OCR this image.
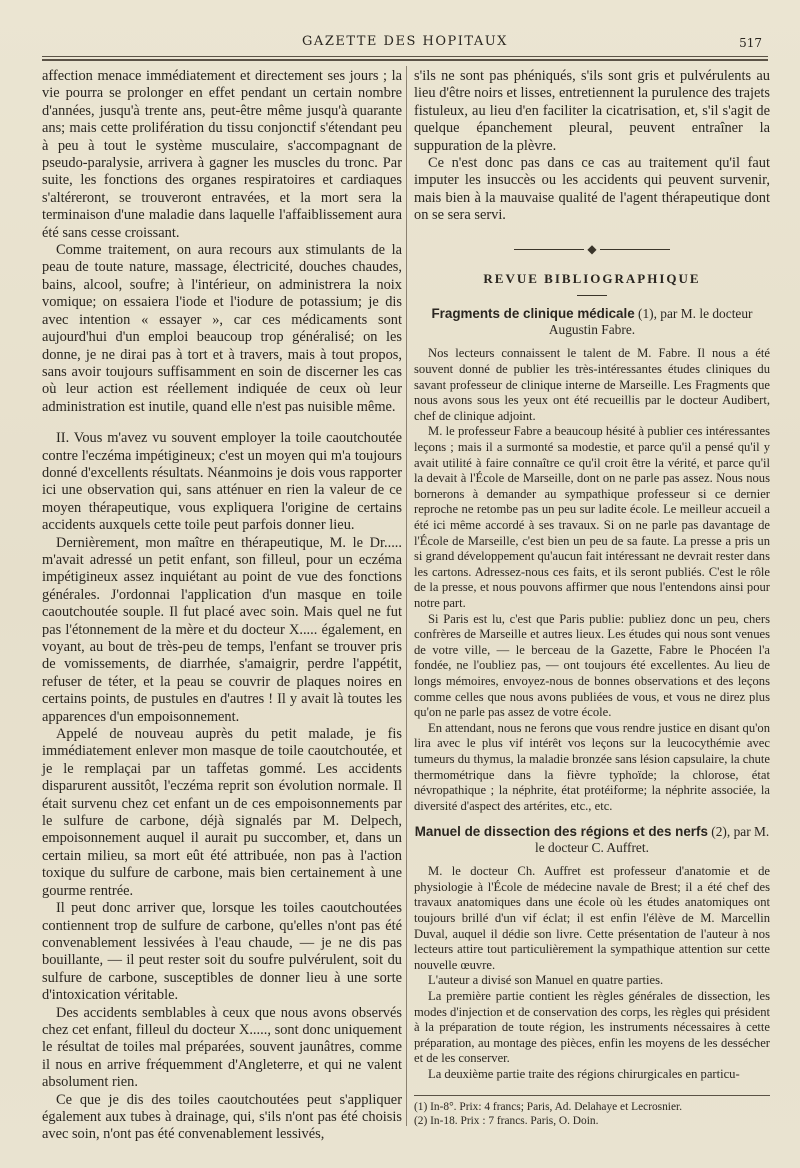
GAZETTE DES HOPITAUX	517

affection menace immédiatement et directement ses jours ; la vie pourra se prolonger en effet pendant un certain nombre d'années, jusqu'à trente ans, peut-être même jusqu'à quarante ans; mais cette prolifération du tissu conjonctif s'étendant peu à peu à tout le système musculaire, s'accompagnant de pseudo-paralysie, arrivera à gagner les muscles du tronc. Par suite, les fonctions des organes respiratoires et cardiaques s'altéreront, se trouveront entravées, et la mort sera la terminaison d'une maladie dans laquelle l'affaiblissement aura été sans cesse croissant.

Comme traitement, on aura recours aux stimulants de la peau de toute nature, massage, électricité, douches chaudes, bains, alcool, soufre; à l'intérieur, on administrera la noix vomique; on essaiera l'iode et l'iodure de potassium; je dis avec intention « essayer », car ces médicaments sont aujourd'hui d'un emploi beaucoup trop généralisé; on les donne, je ne dirai pas à tort et à travers, mais à tout propos, sans avoir toujours suffisamment en soin de discerner les cas où leur action est réellement indiquée de ceux où leur administration est inutile, quand elle n'est pas nuisible même.

II. Vous m'avez vu souvent employer la toile caoutchoutée contre l'eczéma impétigineux; c'est un moyen qui m'a toujours donné d'excellents résultats. Néanmoins je dois vous rapporter ici une observation qui, sans atténuer en rien la valeur de ce moyen thérapeutique, vous expliquera l'origine de certains accidents auxquels cette toile peut parfois donner lieu.

Dernièrement, mon maître en thérapeutique, M. le Dr..... m'avait adressé un petit enfant, son filleul, pour un eczéma impétigineux assez inquiétant au point de vue des fonctions générales. J'ordonnai l'application d'un masque en toile caoutchoutée souple. Il fut placé avec soin. Mais quel ne fut pas l'étonnement de la mère et du docteur X..... également, en voyant, au bout de très-peu de temps, l'enfant se trouver pris de vomissements, de diarrhée, s'amaigrir, perdre l'appétit, refuser de téter, et la peau se couvrir de plaques noires en certains points, de pustules en d'autres ! Il y avait là toutes les apparences d'un empoisonnement.

Appelé de nouveau auprès du petit malade, je fis immédiatement enlever mon masque de toile caoutchoutée, et je le remplaçai par un taffetas gommé. Les accidents disparurent aussitôt, l'eczéma reprit son évolution normale. Il était survenu chez cet enfant un de ces empoisonnements par le sulfure de carbone, déjà signalés par M. Delpech, empoisonnement auquel il aurait pu succomber, et, dans un certain milieu, sa mort eût été attribuée, non pas à l'action toxique du sulfure de carbone, mais bien certainement à une gourme rentrée.

Il peut donc arriver que, lorsque les toiles caoutchoutées contiennent trop de sulfure de carbone, qu'elles n'ont pas été convenablement lessivées à l'eau chaude, — je ne dis pas bouillante, — il peut rester soit du soufre pulvérulent, soit du sulfure de carbone, susceptibles de donner lieu à une sorte d'intoxication véritable.

Des accidents semblables à ceux que nous avons observés chez cet enfant, filleul du docteur X....., sont donc uniquement le résultat de toiles mal préparées, souvent jaunâtres, comme il nous en arrive fréquemment d'Angleterre, et qui ne valent absolument rien.

Ce que je dis des toiles caoutchoutées peut s'appliquer également aux tubes à drainage, qui, s'ils n'ont pas été choisis avec soin, n'ont pas été convenablement lessivés,

s'ils ne sont pas phéniqués, s'ils sont gris et pulvérulents au lieu d'être noirs et lisses, entretiennent la purulence des trajets fistuleux, au lieu d'en faciliter la cicatrisation, et, s'il s'agit de quelque épanchement pleural, peuvent entraîner la suppuration de la plèvre.

Ce n'est donc pas dans ce cas au traitement qu'il faut imputer les insuccès ou les accidents qui peuvent survenir, mais bien à la mauvaise qualité de l'agent thérapeutique dont on se sera servi.

◆
REVUE BIBLIOGRAPHIQUE
Fragments de clinique médicale (1), par M. le docteur Augustin Fabre.

Nos lecteurs connaissent le talent de M. Fabre. Il nous a été souvent donné de publier les très-intéressantes études cliniques du savant professeur de clinique interne de Marseille. Les Fragments que nous avons sous les yeux ont été recueillis par le docteur Audibert, chef de clinique adjoint.

M. le professeur Fabre a beaucoup hésité à publier ces intéressantes leçons ; mais il a surmonté sa modestie, et parce qu'il a pensé qu'il y avait utilité à faire connaître ce qu'il croit être la vérité, et parce qu'il la devait à l'École de Marseille, dont on ne parle pas assez. Nous nous bornerons à demander au sympathique professeur si ce dernier reproche ne retombe pas un peu sur ladite école. Le meilleur accueil a été ici même accordé à ses travaux. Si on ne parle pas davantage de l'École de Marseille, c'est bien un peu de sa faute. La presse a pris un si grand développement qu'aucun fait intéressant ne devrait rester dans les cartons. Adressez-nous ces faits, et ils seront publiés. C'est le rôle de la presse, et nous pouvons affirmer que nous l'entendons ainsi pour notre part.

Si Paris est lu, c'est que Paris publie: publiez donc un peu, chers confrères de Marseille et autres lieux. Les études qui nous sont venues de votre ville, — le berceau de la Gazette, Fabre le Phocéen l'a fondée, ne l'oubliez pas, — ont toujours été excellentes. Au lieu de longs mémoires, envoyez-nous de bonnes observations et des leçons comme celles que nous avons publiées de vous, et vous ne direz plus qu'on ne parle pas assez de votre école.

En attendant, nous ne ferons que vous rendre justice en disant qu'on lira avec le plus vif intérêt vos leçons sur la leucocythémie avec tumeurs du thymus, la maladie bronzée sans lésion capsulaire, la chute thermométrique dans la fièvre typhoïde; la chlorose, état névropathique ; la néphrite, état protéiforme; la néphrite associée, la diversité d'aspect des artérites, etc., etc.

Manuel de dissection des régions et des nerfs (2), par M. le docteur C. Auffret.

M. le docteur Ch. Auffret est professeur d'anatomie et de physiologie à l'École de médecine navale de Brest; il a été chef des travaux anatomiques dans une école où les études anatomiques ont toujours brillé d'un vif éclat; il est enfin l'élève de M. Marcellin Duval, auquel il dédie son livre. Cette présentation de l'auteur à nos lecteurs attire tout particulièrement la sympathique attention sur cette nouvelle œuvre.

L'auteur a divisé son Manuel en quatre parties.

La première partie contient les règles générales de dissection, les modes d'injection et de conservation des corps, les règles qui président à la préparation de toute région, les instruments nécessaires à cette préparation, au montage des pièces, enfin les moyens de les dessécher et de les conserver.

La deuxième partie traite des régions chirurgicales en particu-

(1) In-8°. Prix: 4 francs; Paris, Ad. Delahaye et Lecrosnier.
(2) In-18. Prix : 7 francs. Paris, O. Doin.
